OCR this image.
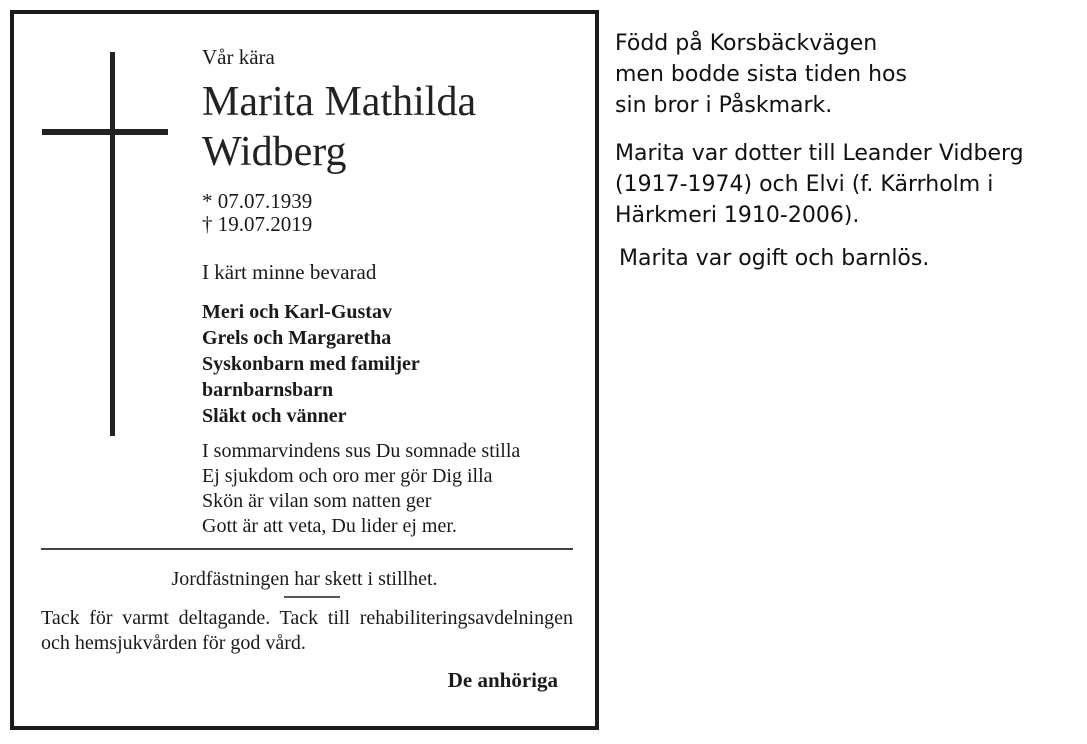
Vår kära

Marita Mathilda
Widberg
* 07.07.1939
† 19.07.2019

I kärt minne bevarad

Meri och Karl-Gustav
Grels och Margaretha
Syskonbarn med familjer
barnbarnsbarn
Släkt och vänner
I sommarvindens sus Du somnade stilla
Ej sjukdom och oro mer gör Dig illa
Skön är vilan som natten ger
Gott är att veta, Du lider ej mer.

Jordfästningen har skett i stillhet.

Tack för varmt deltagande. Tack till rehabiliteringsavdelningen och hemsjukvården för god vård.

De anhöriga

Född på Korsbäckvägen
men bodde sista tiden hos
sin bror i Påskmark.
Marita var dotter till Leander Vidberg
(1917-1974) och Elvi (f. Kärrholm i
Härkmeri 1910-2006).
Marita var ogift och barnlös.
